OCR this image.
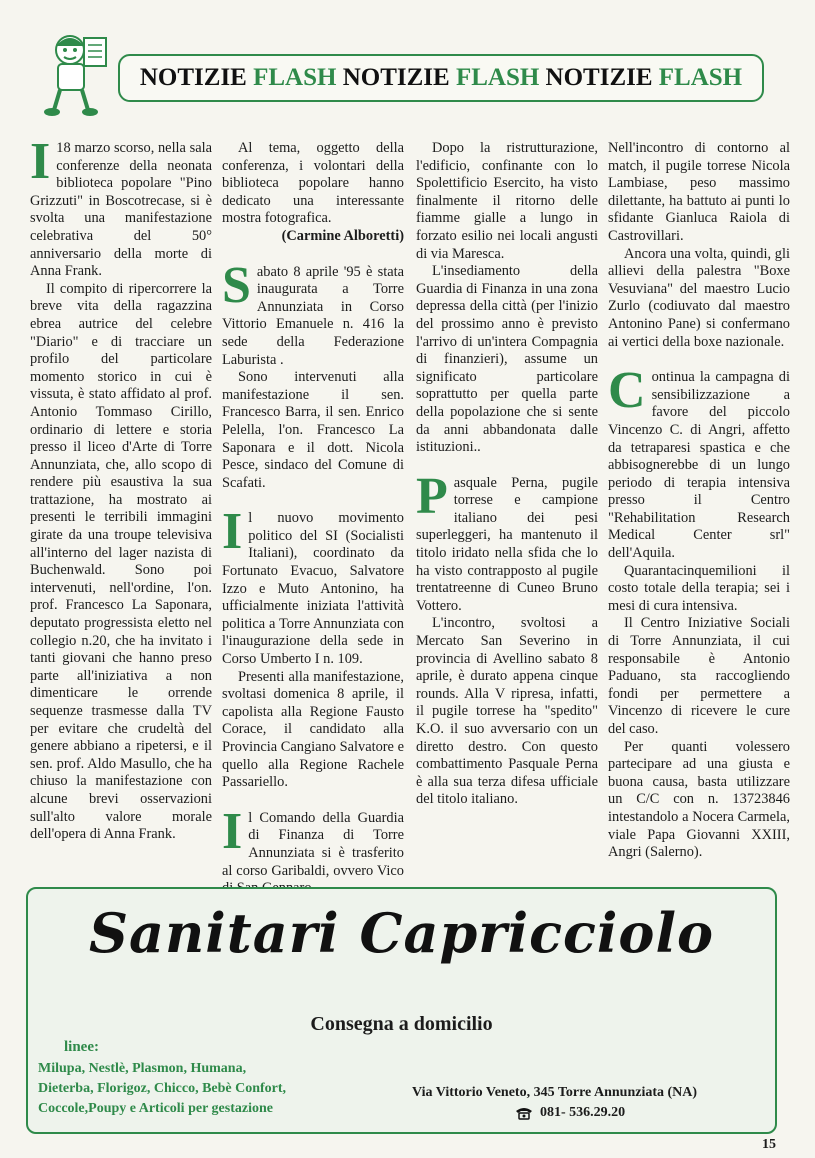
NOTIZIE
FLASH
NOTIZIE
FLASH
NOTIZIE
FLASH
I 18 marzo scorso, nella sala conferenze della neonata biblioteca popolare "Pino Grizzuti" in Boscotrecase, si è svolta una manifestazione celebrativa del 50° anniversario della morte di Anna Frank.

Il compito di ripercorrere la breve vita della ragazzina ebrea autrice del celebre "Diario" e di tracciare un profilo del particolare momento storico in cui è vissuta, è stato affidato al prof. Antonio Tommaso Cirillo, ordinario di lettere e storia presso il liceo d'Arte di Torre Annunziata, che, allo scopo di rendere più esaustiva la sua trattazione, ha mostrato ai presenti le terribili immagini girate da una troupe televisiva all'interno del lager nazista di Buchenwald. Sono poi intervenuti, nell'ordine, l'on. prof. Francesco La Saponara, deputato progressista eletto nel collegio n.20, che ha invitato i tanti giovani che hanno preso parte all'iniziativa a non dimenticare le orrende sequenze trasmesse dalla TV per evitare che crudeltà del genere abbiano a ripetersi, e il sen. prof. Aldo Masullo, che ha chiuso la manifestazione con alcune brevi osservazioni sull'alto valore morale dell'opera di Anna Frank.

Al tema, oggetto della conferenza, i volontari della biblioteca popolare hanno dedicato una interessante mostra fotografica.

(Carmine Alboretti)

S abato 8 aprile '95 è stata inaugurata a Torre Annunziata in Corso Vittorio Emanuele n. 416 la sede della Federazione Laburista .

Sono intervenuti alla manifestazione il sen. Francesco Barra, il sen. Enrico Pelella, l'on. Francesco La Saponara e il dott. Nicola Pesce, sindaco del Comune di Scafati.

I l nuovo movimento politico del SI (Socialisti Italiani), coordinato da Fortunato Evacuo, Salvatore Izzo e Muto Antonino, ha ufficialmente iniziata l'attività politica a Torre Annunziata con l'inaugurazione della sede in Corso Umberto I n. 109.

Presenti alla manifestazione, svoltasi domenica 8 aprile, il capolista alla Regione Fausto Corace, il candidato alla Provincia Cangiano Salvatore e quello alla Regione Rachele Passariello.

I l Comando della Guardia di Finanza di Torre Annunziata si è trasferito al corso Garibaldi, ovvero Vico

Dopo la ristrutturazione, l'edificio, confinante con lo Spolettificio Esercito, ha visto finalmente il ritorno delle fiamme gialle a lungo in forzato esilio nei locali angusti di via Maresca.

L'insediamento della Guardia di Finanza in una zona depressa della città (per l'inizio del prossimo anno è previsto l'arrivo di un'intera Compagnia di finanzieri), assume un significato particolare soprattutto per quella parte della popolazione che si sente da anni abbandonata dalle istituzioni..

P asquale Perna, pugile torrese e campione italiano dei pesi superleggeri, ha mantenuto il titolo iridato nella sfida che lo ha visto contrapposto al pugile trentatreenne di Cuneo Bruno Vottero.

L'incontro, svoltosi a Mercato San Severino in provincia di Avellino sabato 8 aprile, è durato appena cinque rounds. Alla V ripresa, infatti, il pugile torrese ha "spedito" K.O. il suo avversario con un diretto destro. Con questo combattimento Pasquale Perna è alla sua terza difesa ufficiale del titolo italiano.

Nell'incontro di contorno al match, il pugile torrese Nicola Lambiase, peso massimo dilettante, ha battuto ai punti lo sfidante Gianluca Raiola di Castrovillari.

Ancora una volta, quindi, gli allievi della palestra "Boxe Vesuviana" del maestro Lucio Zurlo (codiuvato dal maestro Antonino Pane) si confermano ai vertici della boxe nazionale.

C ontinua la campagna di sensibilizzazione a favore del piccolo Vincenzo C. di Angri, affetto da tetraparesi spastica e che abbisognerebbe di un lungo periodo di terapia intensiva presso il Centro "Rehabilitation Research Medical Center srl" dell'Aquila.

Quarantacinquemilioni il costo totale della terapia; sei i mesi di cura intensiva.

Il Centro Iniziative Sociali di Torre Annunziata, il cui responsabile è Antonio Paduano, sta raccogliendo fondi per permettere a Vincenzo di ricevere le cure del caso.

Per quanti volessero partecipare ad una giusta e buona causa, basta utilizzare un C/C con n. 13723846 intestandolo a Nocera Carmela, viale Papa Giovanni XXIII, Angri (Salerno).

Sanitari Capricciolo
Consegna a domicilio
linee:
Milupa, Nestlè, Plasmon, Humana,
Dieterba, Florigoz, Chicco, Bebè Confort,
Coccole,Poupy e Articoli per gestazione
Via Vittorio Veneto, 345 Torre Annunziata (NA)
081- 536.29.20
15
